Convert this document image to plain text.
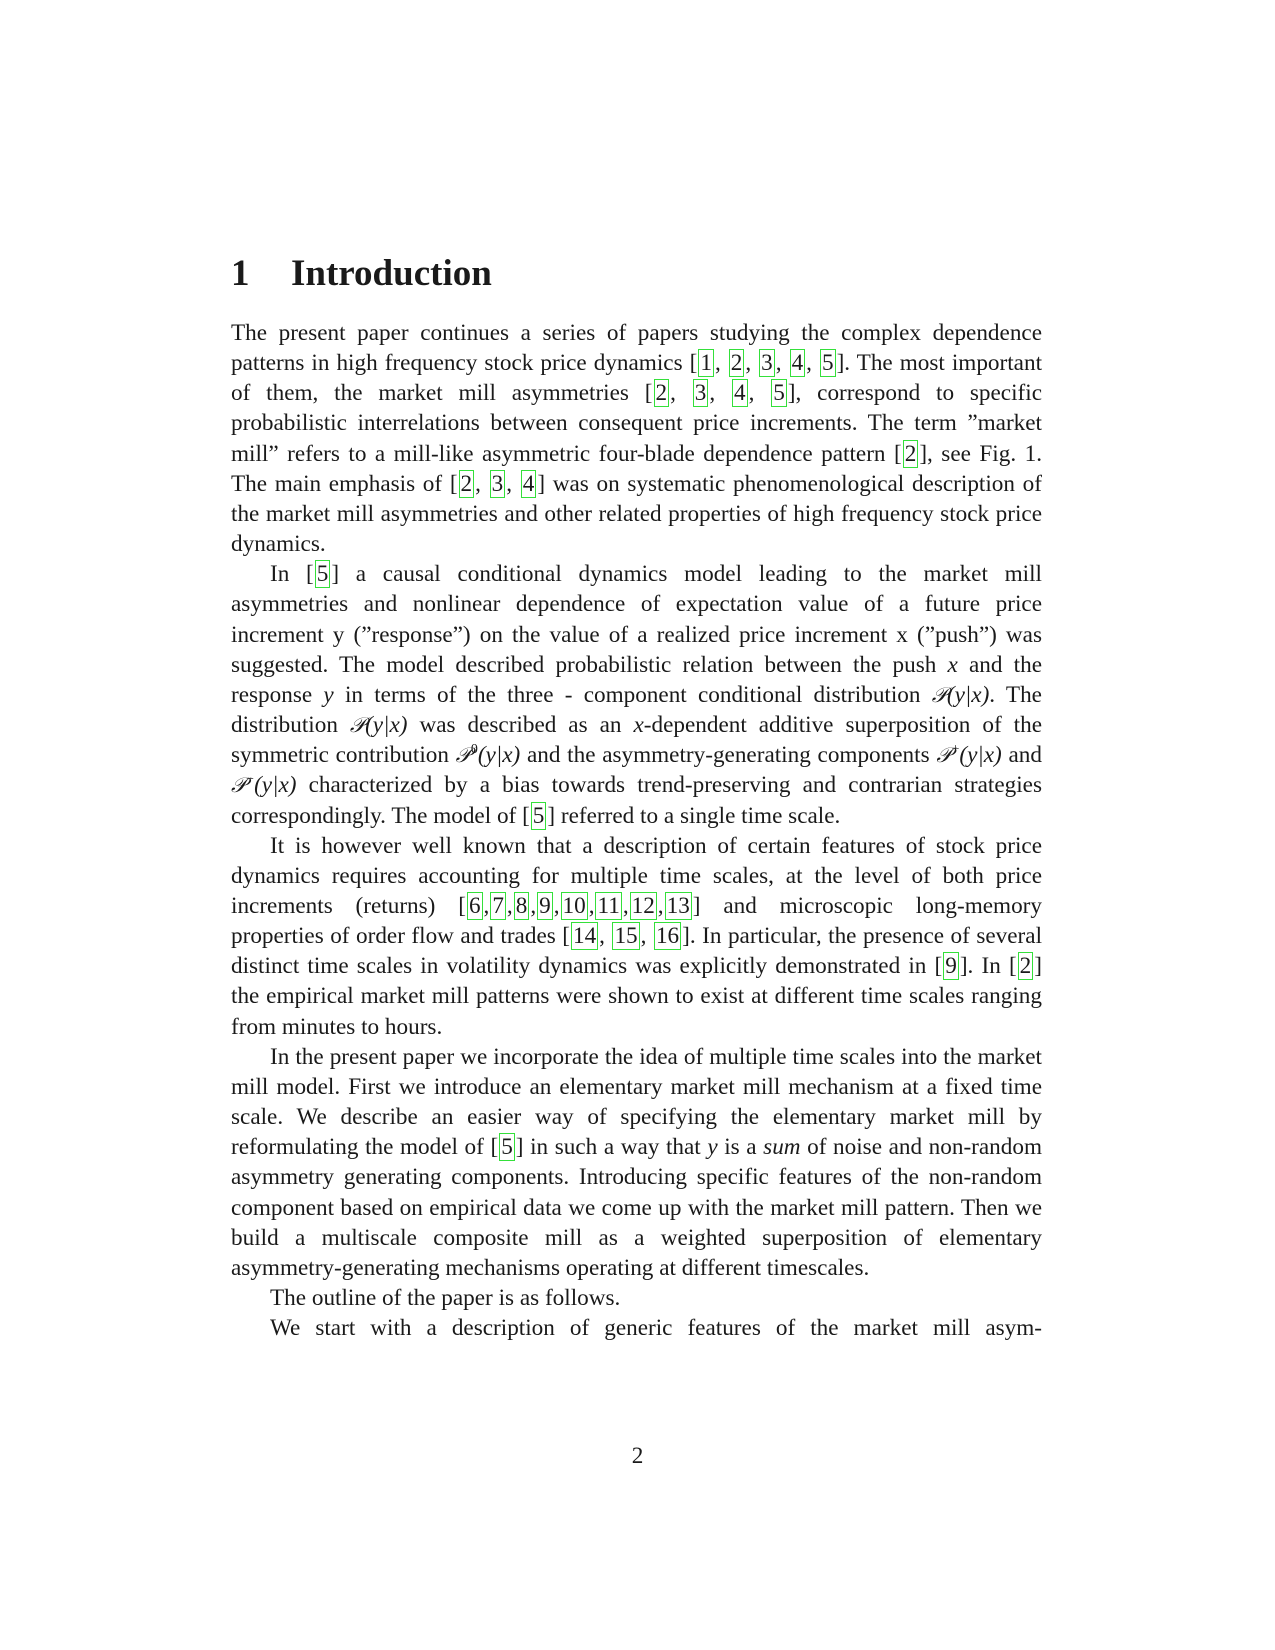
1 Introduction

The present paper continues a series of papers studying the complex dependence patterns in high frequency stock price dynamics [ 1 , 2 , 3 , 4 , 5 ]. The most important of them, the market mill asymmetries [ 2 , 3 , 4 , 5 ], correspond to specific probabilistic interrelations between consequent price increments. The term ”market mill” refers to a mill-like asymmetric four-blade dependence pattern [ 2 ], see Fig. 1. The main emphasis of [ 2 , 3 , 4 ] was on systematic phenomenological description of the market mill asymmetries and other related properties of high frequency stock price dynamics.

In [ 5 ] a causal conditional dynamics model leading to the market mill asymmetries and nonlinear dependence of expectation value of a future price increment y (”response”) on the value of a realized price increment x (”push”) was suggested. The model described probabilistic relation between the push x and the response y in terms of the three - component conditional distribution 𝒫(y|x). The distribution 𝒫(y|x) was described as an x-dependent additive superposition of the symmetric contribution 𝒫$^0$(y|x) and the asymmetry-generating components 𝒫+(y|x) and 𝒫−(y|x) characterized by a bias towards trend-preserving and contrarian strategies correspondingly. The model of [ 5 ] referred to a single time scale.

It is however well known that a description of certain features of stock price dynamics requires accounting for multiple time scales, at the level of both price increments (returns) [ 6 , 7 , 8 , 9 , 10 , 11 , 12 , 13 ] and microscopic long-memory properties of order flow and trades [ 14 , 15 , 16 ]. In particular, the presence of several distinct time scales in volatility dynamics was explicitly demonstrated in [ 9 ]. In [ 2 ] the empirical market mill patterns were shown to exist at different time scales ranging from minutes to hours.

In the present paper we incorporate the idea of multiple time scales into the market mill model. First we introduce an elementary market mill mechanism at a fixed time scale. We describe an easier way of specifying the elementary market mill by reformulating the model of [ 5 ] in such a way that y is a sum of noise and non-random asymmetry generating components. Introducing specific features of the non-random component based on empirical data we come up with the market mill pattern. Then we build a multiscale composite mill as a weighted superposition of elementary asymmetry-generating mechanisms operating at different timescales.

The outline of the paper is as follows.

We start with a description of generic features of the market mill asym-

2
